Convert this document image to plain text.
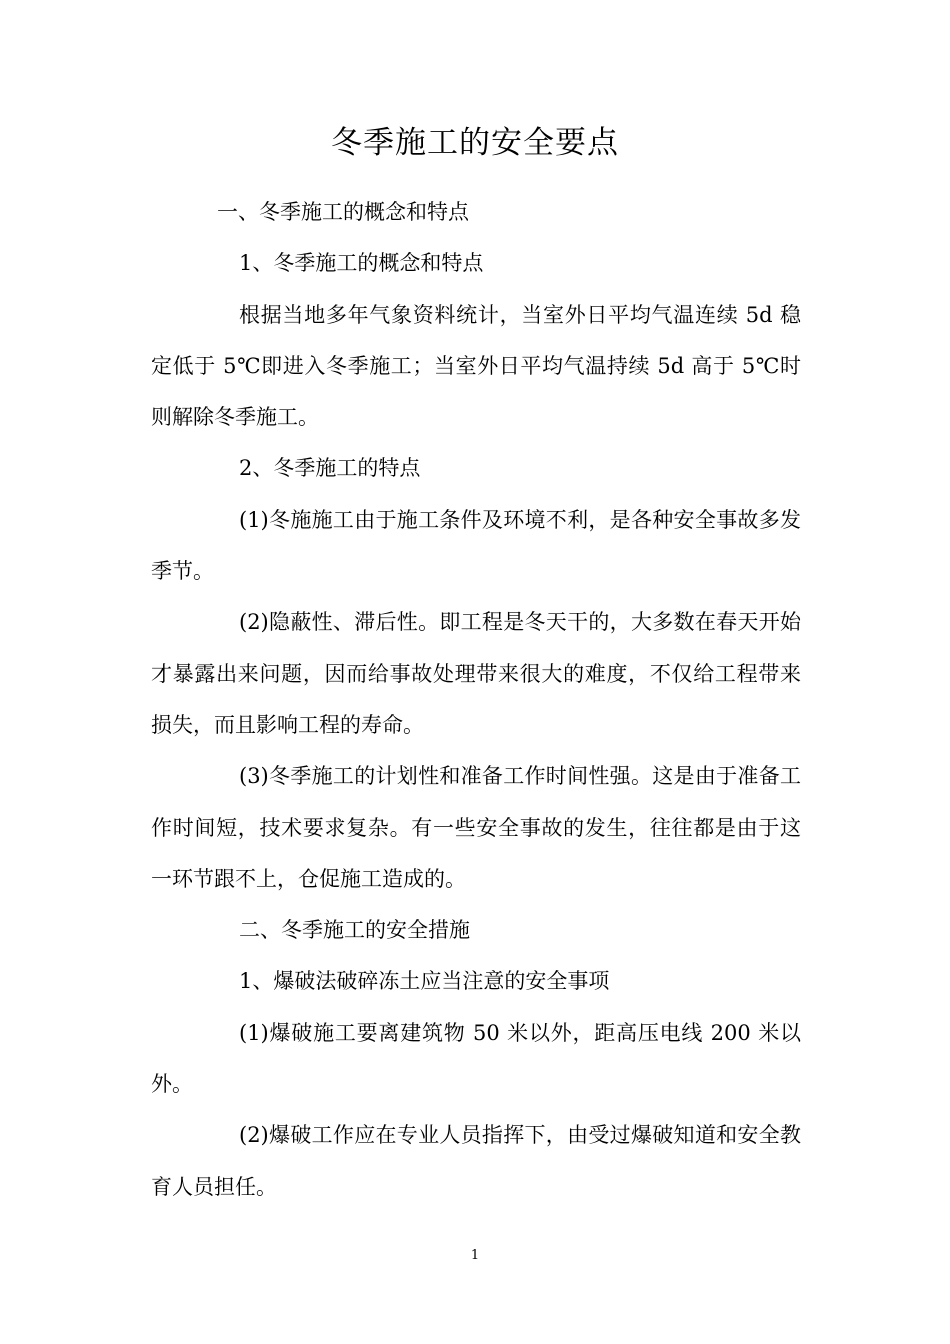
冬季施工的安全要点

一、冬季施工的概念和特点

1、冬季施工的概念和特点

根据当地多年气象资料统计，当室外日平均气温连续 5d 稳定低于 5℃即进入冬季施工；当室外日平均气温持续 5d 高于 5℃时则解除冬季施工。

2、冬季施工的特点

(1)冬施施工由于施工条件及环境不利，是各种安全事故多发季节。

(2)隐蔽性、滞后性。即工程是冬天干的，大多数在春天开始才暴露出来问题，因而给事故处理带来很大的难度，不仅给工程带来损失，而且影响工程的寿命。

(3)冬季施工的计划性和准备工作时间性强。这是由于准备工作时间短，技术要求复杂。有一些安全事故的发生，往往都是由于这一环节跟不上，仓促施工造成的。

二、冬季施工的安全措施

1、爆破法破碎冻土应当注意的安全事项

(1)爆破施工要离建筑物 50 米以外，距高压电线 200 米以外。

(2)爆破工作应在专业人员指挥下，由受过爆破知道和安全教育人员担任。

1
